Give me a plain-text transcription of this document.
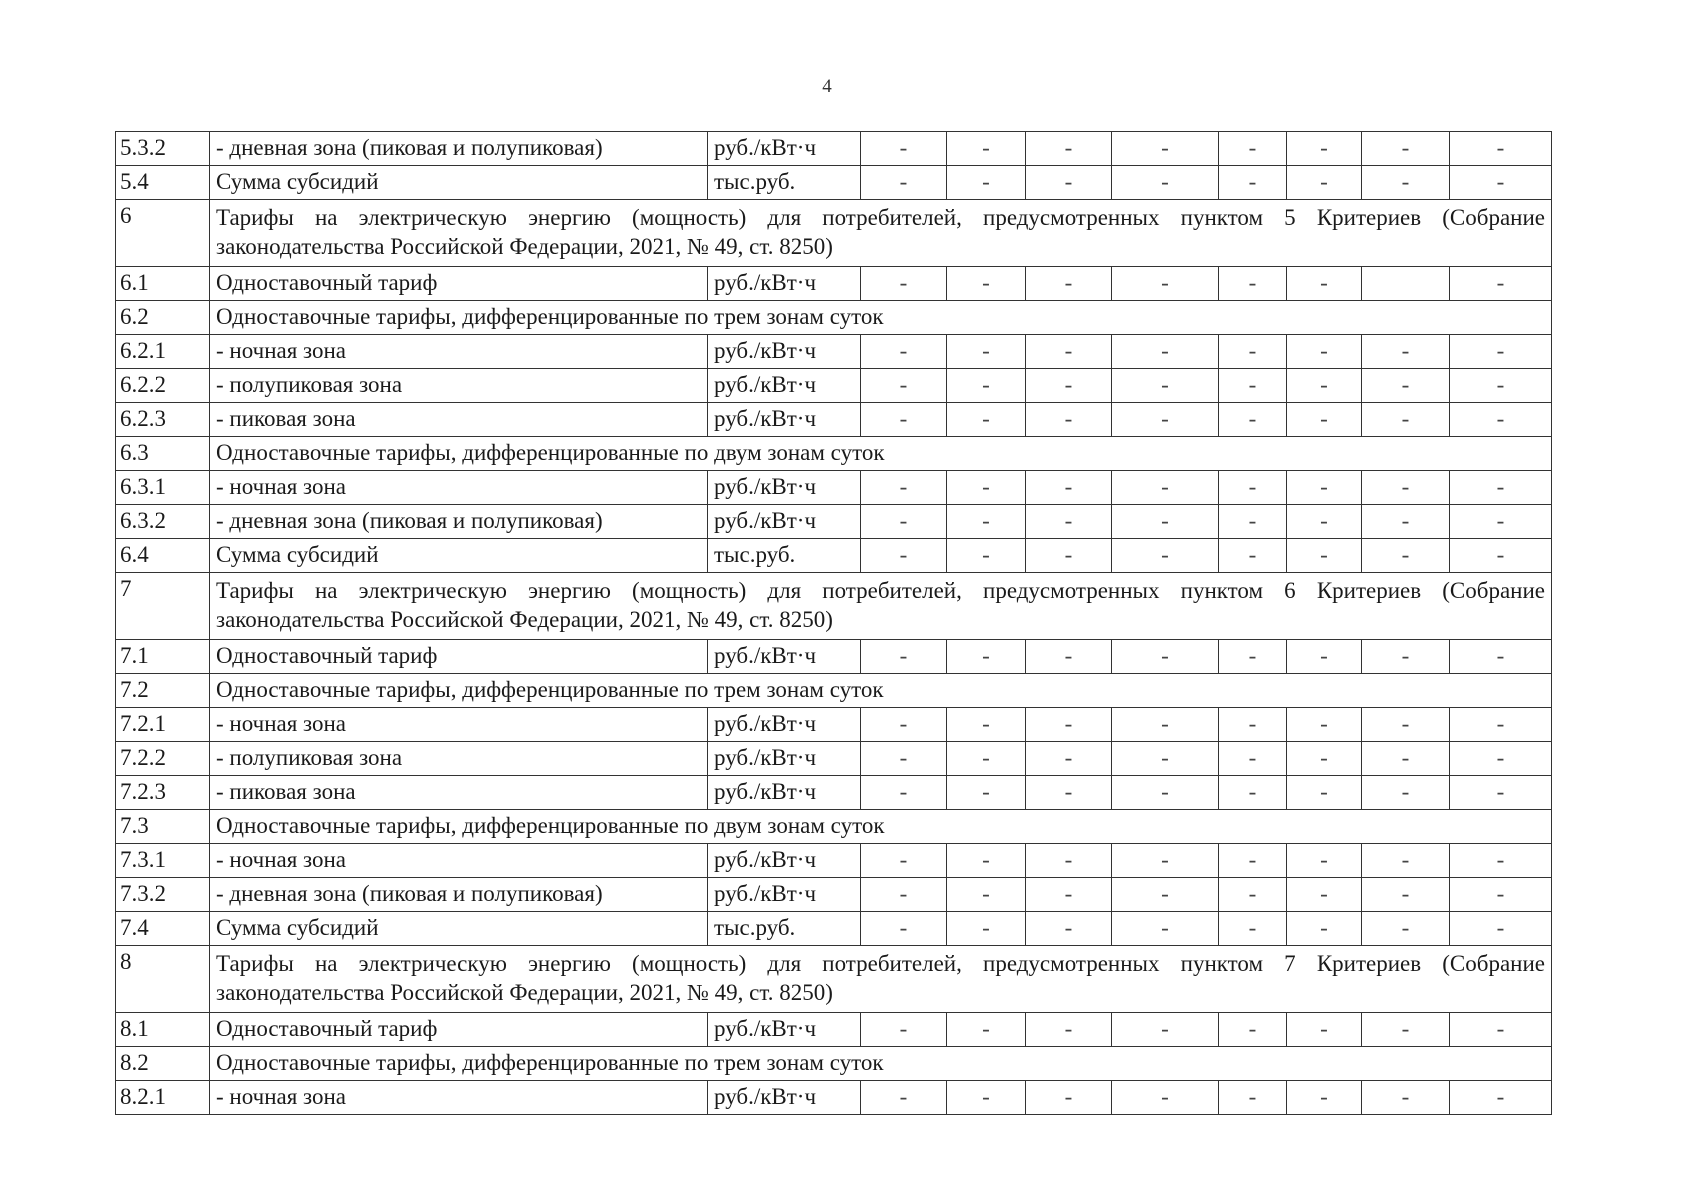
4
5.3.2	- дневная зона (пиковая и полупиковая)	руб./кВт·ч	-	-	-	-	-	-	-	-
5.4	Сумма субсидий	тыс.руб.	-	-	-	-	-	-	-	-
6	Тарифы на электрическую энергию (мощность) для потребителей, предусмотренных пунктом 5 Критериев (Собрание законодательства Российской Федерации, 2021, № 49, ст. 8250)									
6.1	Одноставочный тариф	руб./кВт·ч	-	-	-	-	-	-		-
6.2	Одноставочные тарифы, дифференцированные по трем зонам суток									
6.2.1	- ночная зона	руб./кВт·ч	-	-	-	-	-	-	-	-
6.2.2	- полупиковая зона	руб./кВт·ч	-	-	-	-	-	-	-	-
6.2.3	- пиковая зона	руб./кВт·ч	-	-	-	-	-	-	-	-
6.3	Одноставочные тарифы, дифференцированные по двум зонам суток									
6.3.1	- ночная зона	руб./кВт·ч	-	-	-	-	-	-	-	-
6.3.2	- дневная зона (пиковая и полупиковая)	руб./кВт·ч	-	-	-	-	-	-	-	-
6.4	Сумма субсидий	тыс.руб.	-	-	-	-	-	-	-	-
7	Тарифы на электрическую энергию (мощность) для потребителей, предусмотренных пунктом 6 Критериев (Собрание законодательства Российской Федерации, 2021, № 49, ст. 8250)									
7.1	Одноставочный тариф	руб./кВт·ч	-	-	-	-	-	-	-	-
7.2	Одноставочные тарифы, дифференцированные по трем зонам суток									
7.2.1	- ночная зона	руб./кВт·ч	-	-	-	-	-	-	-	-
7.2.2	- полупиковая зона	руб./кВт·ч	-	-	-	-	-	-	-	-
7.2.3	- пиковая зона	руб./кВт·ч	-	-	-	-	-	-	-	-
7.3	Одноставочные тарифы, дифференцированные по двум зонам суток									
7.3.1	- ночная зона	руб./кВт·ч	-	-	-	-	-	-	-	-
7.3.2	- дневная зона (пиковая и полупиковая)	руб./кВт·ч	-	-	-	-	-	-	-	-
7.4	Сумма субсидий	тыс.руб.	-	-	-	-	-	-	-	-
8	Тарифы на электрическую энергию (мощность) для потребителей, предусмотренных пунктом 7 Критериев (Собрание законодательства Российской Федерации, 2021, № 49, ст. 8250)									
8.1	Одноставочный тариф	руб./кВт·ч	-	-	-	-	-	-	-	-
8.2	Одноставочные тарифы, дифференцированные по трем зонам суток									
8.2.1	- ночная зона	руб./кВт·ч	-	-	-	-	-	-	-	-
